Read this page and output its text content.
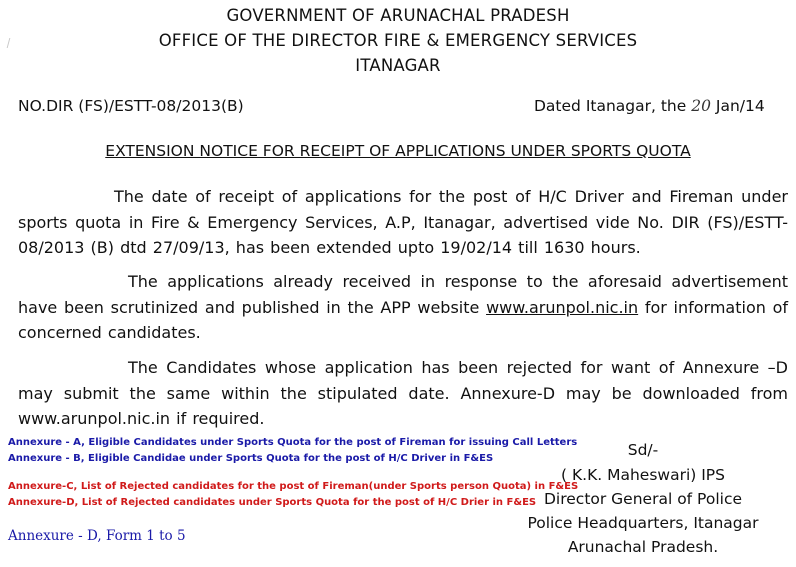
GOVERNMENT OF ARUNACHAL PRADESH
OFFICE OF THE DIRECTOR FIRE & EMERGENCY SERVICES
ITANAGAR
NO.DIR (FS)/ESTT-08/2013(B)	Dated Itanagar, the 20 Jan/14
EXTENSION NOTICE FOR RECEIPT OF APPLICATIONS UNDER SPORTS QUOTA
The date of receipt of applications for the post of H/C Driver and Fireman under sports quota in Fire & Emergency Services, A.P, Itanagar, advertised vide No. DIR (FS)/ESTT-08/2013 (B) dtd 27/09/13, has been extended upto 19/02/14 till 1630 hours.
The applications already received in response to the aforesaid advertisement have been scrutinized and published in the APP website www.arunpol.nic.in for information of concerned candidates.
The Candidates whose application has been rejected for want of Annexure –D may submit the same within the stipulated date. Annexure-D may be downloaded from www.arunpol.nic.in if required.
Annexure - A, Eligible Candidates under Sports Quota for the post of Fireman for issuing Call Letters
Annexure - B, Eligible Candidae under Sports Quota for the post of H/C Driver in F&ES
Annexure-C, List of Rejected candidates for the post of Fireman(under Sports person Quota) in F&ES
Annexure-D, List of Rejected candidates under Sports Quota for the post of H/C Drier in F&ES
Annexure - D, Form 1 to 5
Sd/-
( K.K. Maheswari) IPS
Director General of Police
Police Headquarters, Itanagar
Arunachal Pradesh.
